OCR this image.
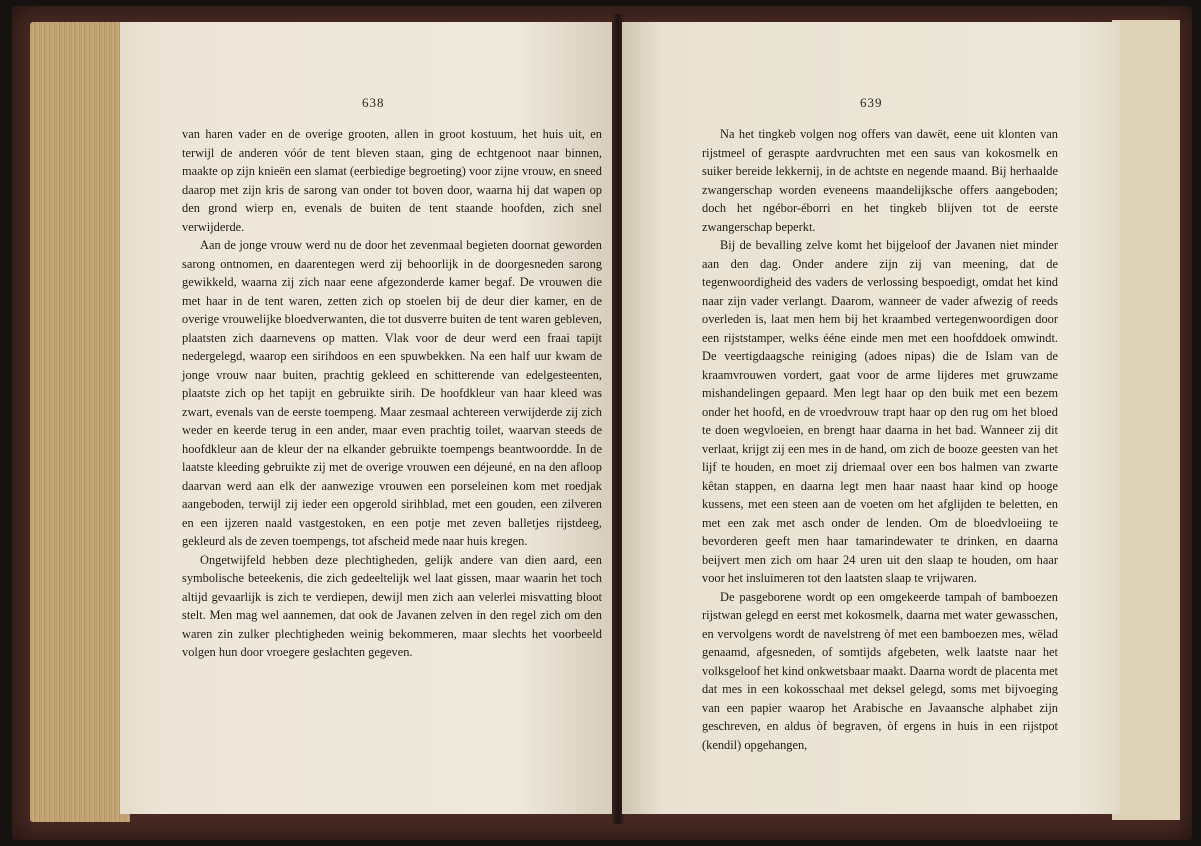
638

van haren vader en de overige grooten, allen in groot kostuum, het huis uit, en terwijl de anderen vóór de tent bleven staan, ging de echtgenoot naar binnen, maakte op zijn knieën een slamat (eerbiedige begroeting) voor zijne vrouw, en sneed daarop met zijn kris de sarong van onder tot boven door, waarna hij dat wapen op den grond wierp en, evenals de buiten de tent staande hoofden, zich snel verwijderde.

Aan de jonge vrouw werd nu de door het zevenmaal begieten doornat geworden sarong ontnomen, en daarentegen werd zij behoorlijk in de doorgesneden sarong gewikkeld, waarna zij zich naar eene afgezonderde kamer begaf. De vrouwen die met haar in de tent waren, zetten zich op stoelen bij de deur dier kamer, en de overige vrouwelijke bloedverwanten, die tot dusverre buiten de tent waren gebleven, plaatsten zich daarnevens op matten. Vlak voor de deur werd een fraai tapijt nedergelegd, waarop een sirihdoos en een spuwbekken. Na een half uur kwam de jonge vrouw naar buiten, prachtig gekleed en schitterende van edelgesteenten, plaatste zich op het tapijt en gebruikte sirih. De hoofdkleur van haar kleed was zwart, evenals van de eerste toempeng. Maar zesmaal achtereen verwijderde zij zich weder en keerde terug in een ander, maar even prachtig toilet, waarvan steeds de hoofdkleur aan de kleur der na elkander gebruikte toempengs beantwoordde. In de laatste kleeding gebruikte zij met de overige vrouwen een déjeuné, en na den afloop daarvan werd aan elk der aanwezige vrouwen een porseleinen kom met roedjak aangeboden, terwijl zij ieder een opgerold sirihblad, met een gouden, een zilveren en een ijzeren naald vastgestoken, en een potje met zeven balletjes rijstdeeg, gekleurd als de zeven toempengs, tot afscheid mede naar huis kregen.

Ongetwijfeld hebben deze plechtigheden, gelijk andere van dien aard, een symbolische beteekenis, die zich gedeeltelijk wel laat gissen, maar waarin het toch altijd gevaarlijk is zich te verdiepen, dewijl men zich aan velerlei misvatting bloot stelt. Men mag wel aannemen, dat ook de Javanen zelven in den regel zich om den waren zin zulker plechtigheden weinig bekommeren, maar slechts het voorbeeld volgen hun door vroegere geslachten gegeven.

639

Na het tingkeb volgen nog offers van dawët, eene uit klonten van rijstmeel of geraspte aardvruchten met een saus van kokosmelk en suiker bereide lekkernij, in de achtste en negende maand. Bij herhaalde zwangerschap worden eveneens maandelijksche offers aangeboden; doch het ngébor-éborri en het tingkeb blijven tot de eerste zwangerschap beperkt.

Bij de bevalling zelve komt het bijgeloof der Javanen niet minder aan den dag. Onder andere zijn zij van meening, dat de tegenwoordigheid des vaders de verlossing bespoedigt, omdat het kind naar zijn vader verlangt. Daarom, wanneer de vader afwezig of reeds overleden is, laat men hem bij het kraambed vertegenwoordigen door een rijststamper, welks ééne einde men met een hoofddoek omwindt. De veertigdaagsche reiniging (adoes nipas) die de Islam van de kraamvrouwen vordert, gaat voor de arme lijderes met gruwzame mishandelingen gepaard. Men legt haar op den buik met een bezem onder het hoofd, en de vroedvrouw trapt haar op den rug om het bloed te doen wegvloeien, en brengt haar daarna in het bad. Wanneer zij dit verlaat, krijgt zij een mes in de hand, om zich de booze geesten van het lijf te houden, en moet zij driemaal over een bos halmen van zwarte kêtan stappen, en daarna legt men haar naast haar kind op hooge kussens, met een steen aan de voeten om het afglijden te beletten, en met een zak met asch onder de lenden. Om de bloedvloeiing te bevorderen geeft men haar tamarindewater te drinken, en daarna beijvert men zich om haar 24 uren uit den slaap te houden, om haar voor het insluimeren tot den laatsten slaap te vrijwaren.

De pasgeborene wordt op een omgekeerde tampah of bamboezen rijstwan gelegd en eerst met kokosmelk, daarna met water gewasschen, en vervolgens wordt de navelstreng òf met een bamboezen mes, wëlad genaamd, afgesneden, of somtijds afgebeten, welk laatste naar het volksgeloof het kind onkwetsbaar maakt. Daarna wordt de placenta met dat mes in een kokosschaal met deksel gelegd, soms met bijvoeging van een papier waarop het Arabische en Javaansche alphabet zijn geschreven, en aldus òf begraven, òf ergens in huis in een rijstpot (kendil) opgehangen,
